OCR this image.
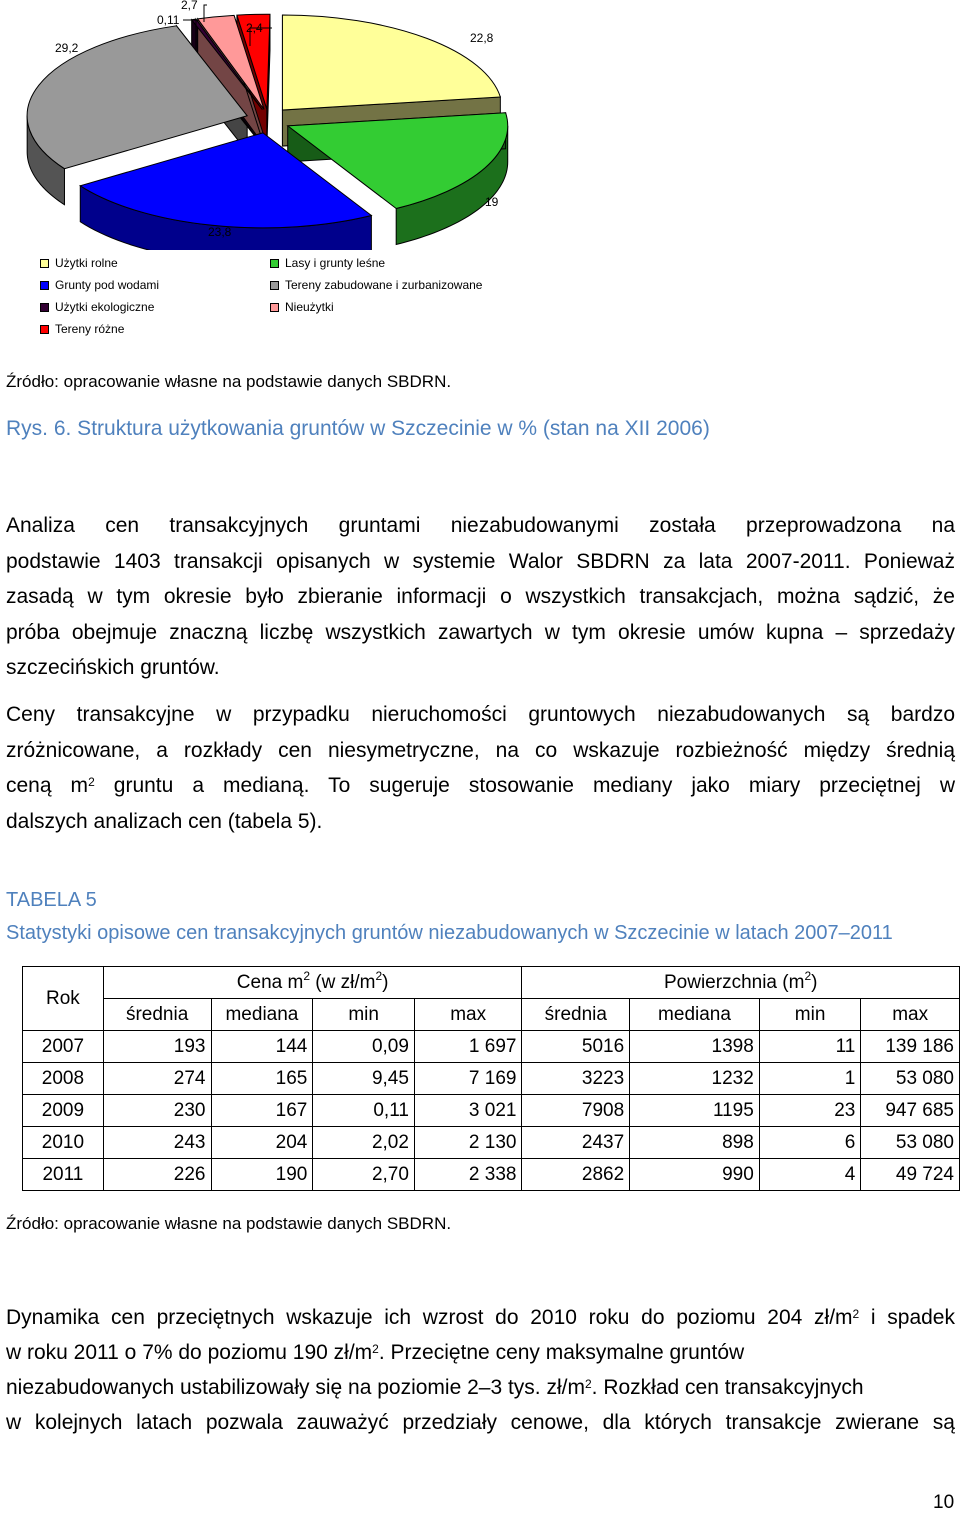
22,8
19
23,8
29,2
0,11
2,7
2,4
Użytki rolne	Lasy i grunty leśne
Grunty pod wodami	Tereny zabudowane i zurbanizowane
Użytki ekologiczne	Nieużytki
Tereny różne
Źródło: opracowanie własne na podstawie danych SBDRN.
Rys. 6. Struktura użytkowania gruntów w Szczecinie w % (stan na XII 2006)
Analiza cen transakcyjnych gruntami niezabudowanymi została przeprowadzona na
podstawie 1403 transakcji opisanych w systemie Walor SBDRN za lata 2007-2011. Ponieważ
zasadą w tym okresie było zbieranie informacji o wszystkich transakcjach, można sądzić, że
próba obejmuje znaczną liczbę wszystkich zawartych w tym okresie umów kupna – sprzedaży
szczecińskich gruntów.
Ceny transakcyjne w przypadku nieruchomości gruntowych niezabudowanych są bardzo
zróżnicowane, a rozkłady cen niesymetryczne, na co wskazuje rozbieżność między średnią
ceną $m^2$ gruntu a medianą. To sugeruje stosowanie mediany jako miary przeciętnej w
dalszych analizach cen (tabela 5).
TABELA 5
Statystyki opisowe cen transakcyjnych gruntów niezabudowanych w Szczecinie w latach 2007–2011
Rok	Cena $m^2$ (w $zł/m^2$)				Powierzchnia $(m^2)$			
	średnia	mediana	min	max	średnia	mediana	min	max
2007	193	144	0,09	1 697	5016	1398	11	139 186
2008	274	165	9,45	7 169	3223	1232	1	53 080
2009	230	167	0,11	3 021	7908	1195	23	947 685
2010	243	204	2,02	2 130	2437	898	6	53 080
2011	226	190	2,70	2 338	2862	990	4	49 724
Źródło: opracowanie własne na podstawie danych SBDRN.
Dynamika cen przeciętnych wskazuje ich wzrost do 2010 roku do poziomu 204 $zł/m^2$ i spadek
w roku 2011 o 7% do poziomu 190 $zł/m^2$. Przeciętne ceny maksymalne gruntów
niezabudowanych ustabilizowały się na poziomie 2–3 tys. $zł/m^2$. Rozkład cen transakcyjnych
w kolejnych latach pozwala zauważyć przedziały cenowe, dla których transakcje zwierane są
10
